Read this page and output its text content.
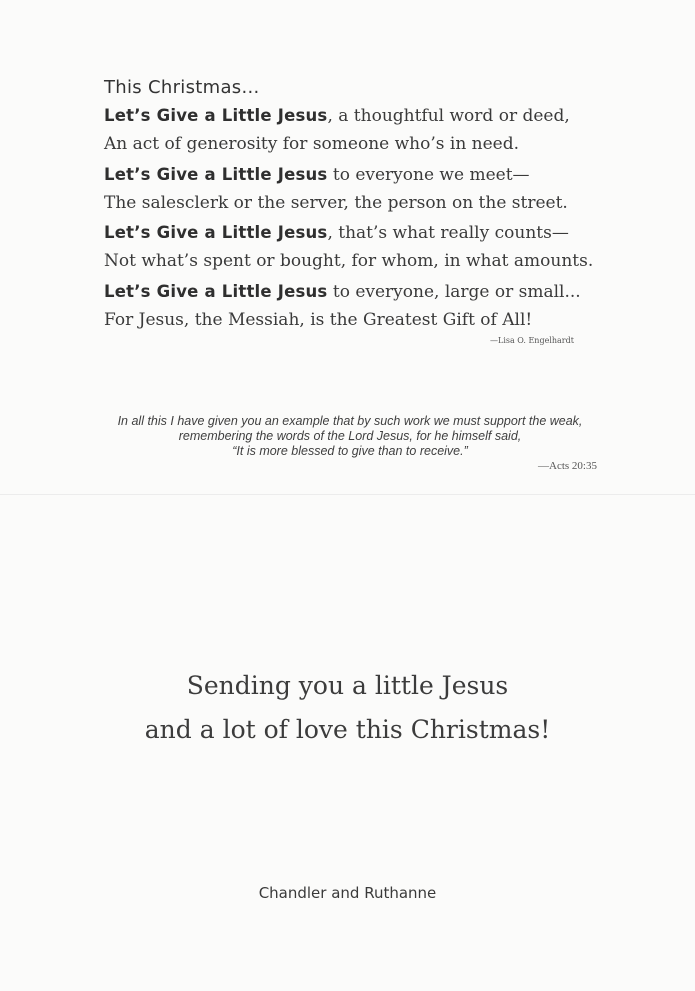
This Christmas...
Let’s Give a Little Jesus, a thoughtful word or deed,
An act of generosity for someone who’s in need.
Let’s Give a Little Jesus to everyone we meet—
The salesclerk or the server, the person on the street.
Let’s Give a Little Jesus, that’s what really counts—
Not what’s spent or bought, for whom, in what amounts.
Let’s Give a Little Jesus to everyone, large or small...
For Jesus, the Messiah, is the Greatest Gift of All!
—Lisa O. Engelhardt
In all this I have given you an example that by such work we must support the weak,
remembering the words of the Lord Jesus, for he himself said,
“It is more blessed to give than to receive.”
—Acts 20:35
Sending you a little Jesus
and a lot of love this Christmas!
Chandler and Ruthanne
